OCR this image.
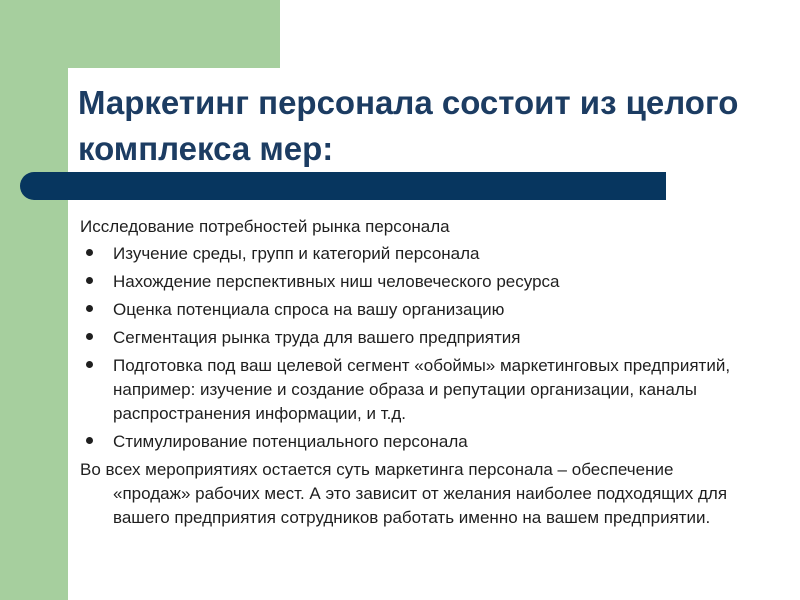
Маркетинг персонала состоит из целого комплекса мер:

Исследование потребностей рынка персонала

Изучение среды, групп и категорий персонала
Нахождение перспективных ниш человеческого ресурса
Оценка потенциала спроса на вашу организацию
Сегментация рынка труда для вашего предприятия
Подготовка под ваш целевой сегмент «обоймы» маркетинговых предприятий, например: изучение и создание образа и репутации организации, каналы распространения информации, и т.д.
Стимулирование потенциального персонала

Во всех мероприятиях остается суть маркетинга персонала – обеспечение
«продаж» рабочих мест. А это зависит от желания наиболее подходящих для вашего предприятия сотрудников работать именно на вашем предприятии.
